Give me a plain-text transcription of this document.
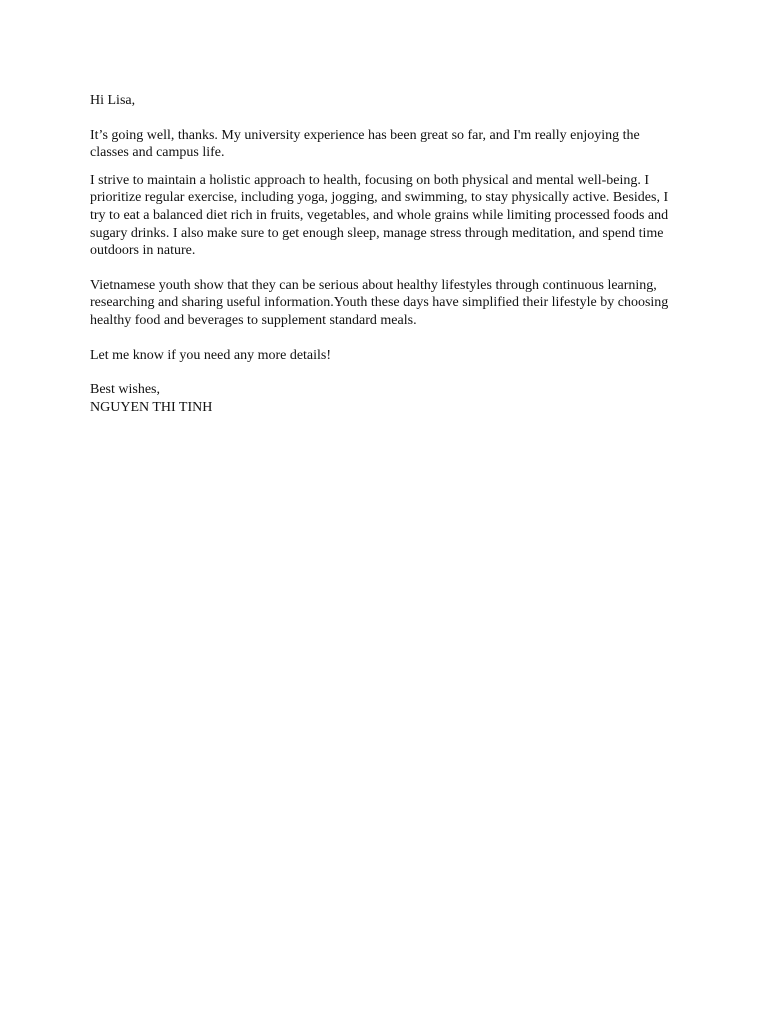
Hi Lisa,

It’s going well, thanks. My university experience has been great so far, and I'm really enjoying the classes and campus life.

I strive to maintain a holistic approach to health, focusing on both physical and mental well-being. I prioritize regular exercise, including yoga, jogging, and swimming, to stay physically active. Besides, I try to eat a balanced diet rich in fruits, vegetables, and whole grains while limiting processed foods and sugary drinks. I also make sure to get enough sleep, manage stress through meditation, and spend time outdoors in nature.

Vietnamese youth show that they can be serious about healthy lifestyles through continuous learning, researching and sharing useful information.Youth these days have simplified their lifestyle by choosing healthy food and beverages to supplement standard meals.

Let me know if you need any more details!

Best wishes,

NGUYEN THI TINH
